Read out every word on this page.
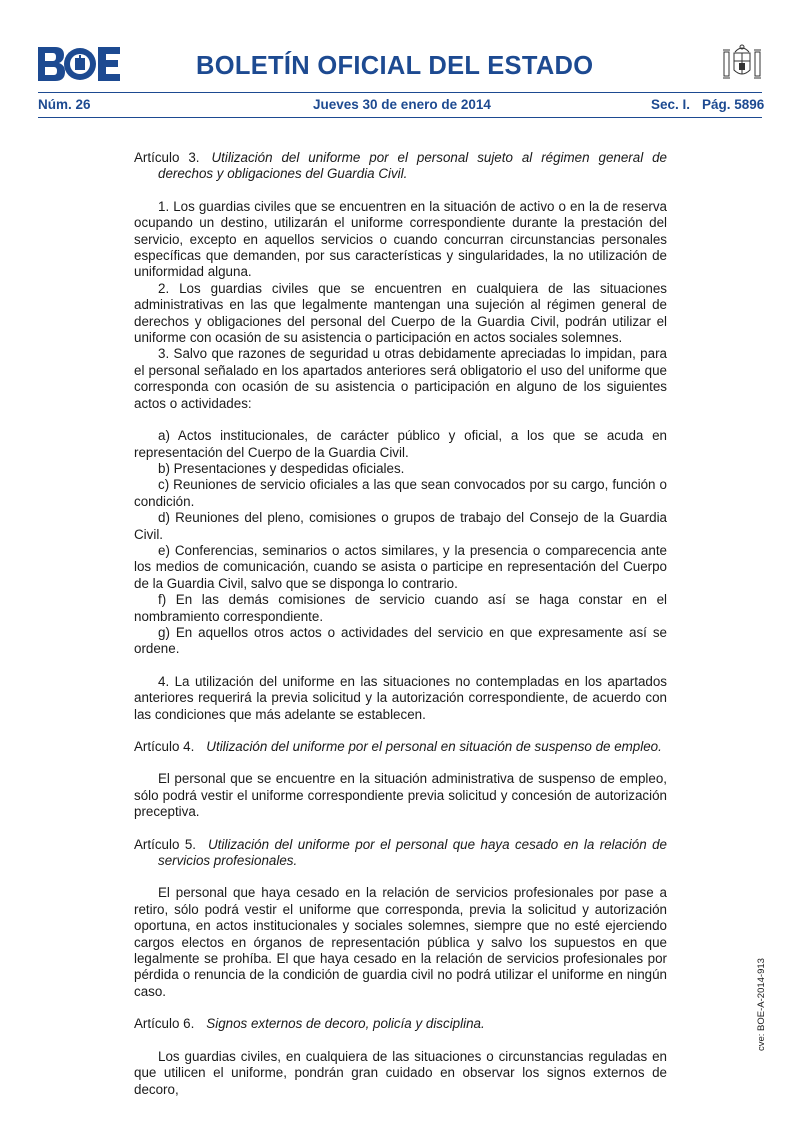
BOLETÍN OFICIAL DEL ESTADO
Núm. 26	Jueves 30 de enero de 2014	Sec. I. Pág. 5896

Artículo 3. Utilización del uniforme por el personal sujeto al régimen general de derechos y obligaciones del Guardia Civil.

1. Los guardias civiles que se encuentren en la situación de activo o en la de reserva ocupando un destino, utilizarán el uniforme correspondiente durante la prestación del servicio, excepto en aquellos servicios o cuando concurran circunstancias personales específicas que demanden, por sus características y singularidades, la no utilización de uniformidad alguna.

2. Los guardias civiles que se encuentren en cualquiera de las situaciones administrativas en las que legalmente mantengan una sujeción al régimen general de derechos y obligaciones del personal del Cuerpo de la Guardia Civil, podrán utilizar el uniforme con ocasión de su asistencia o participación en actos sociales solemnes.

3. Salvo que razones de seguridad u otras debidamente apreciadas lo impidan, para el personal señalado en los apartados anteriores será obligatorio el uso del uniforme que corresponda con ocasión de su asistencia o participación en alguno de los siguientes actos o actividades:

a) Actos institucionales, de carácter público y oficial, a los que se acuda en representación del Cuerpo de la Guardia Civil.

b) Presentaciones y despedidas oficiales.

c) Reuniones de servicio oficiales a las que sean convocados por su cargo, función o condición.

d) Reuniones del pleno, comisiones o grupos de trabajo del Consejo de la Guardia Civil.

e) Conferencias, seminarios o actos similares, y la presencia o comparecencia ante los medios de comunicación, cuando se asista o participe en representación del Cuerpo de la Guardia Civil, salvo que se disponga lo contrario.

f) En las demás comisiones de servicio cuando así se haga constar en el nombramiento correspondiente.

g) En aquellos otros actos o actividades del servicio en que expresamente así se ordene.

4. La utilización del uniforme en las situaciones no contempladas en los apartados anteriores requerirá la previa solicitud y la autorización correspondiente, de acuerdo con las condiciones que más adelante se establecen.

Artículo 4. Utilización del uniforme por el personal en situación de suspenso de empleo.

El personal que se encuentre en la situación administrativa de suspenso de empleo, sólo podrá vestir el uniforme correspondiente previa solicitud y concesión de autorización preceptiva.

Artículo 5. Utilización del uniforme por el personal que haya cesado en la relación de servicios profesionales.

El personal que haya cesado en la relación de servicios profesionales por pase a retiro, sólo podrá vestir el uniforme que corresponda, previa la solicitud y autorización oportuna, en actos institucionales y sociales solemnes, siempre que no esté ejerciendo cargos electos en órganos de representación pública y salvo los supuestos en que legalmente se prohíba. El que haya cesado en la relación de servicios profesionales por pérdida o renuncia de la condición de guardia civil no podrá utilizar el uniforme en ningún caso.

Artículo 6. Signos externos de decoro, policía y disciplina.

Los guardias civiles, en cualquiera de las situaciones o circunstancias reguladas en que utilicen el uniforme, pondrán gran cuidado en observar los signos externos de decoro,

cve: BOE-A-2014-913
